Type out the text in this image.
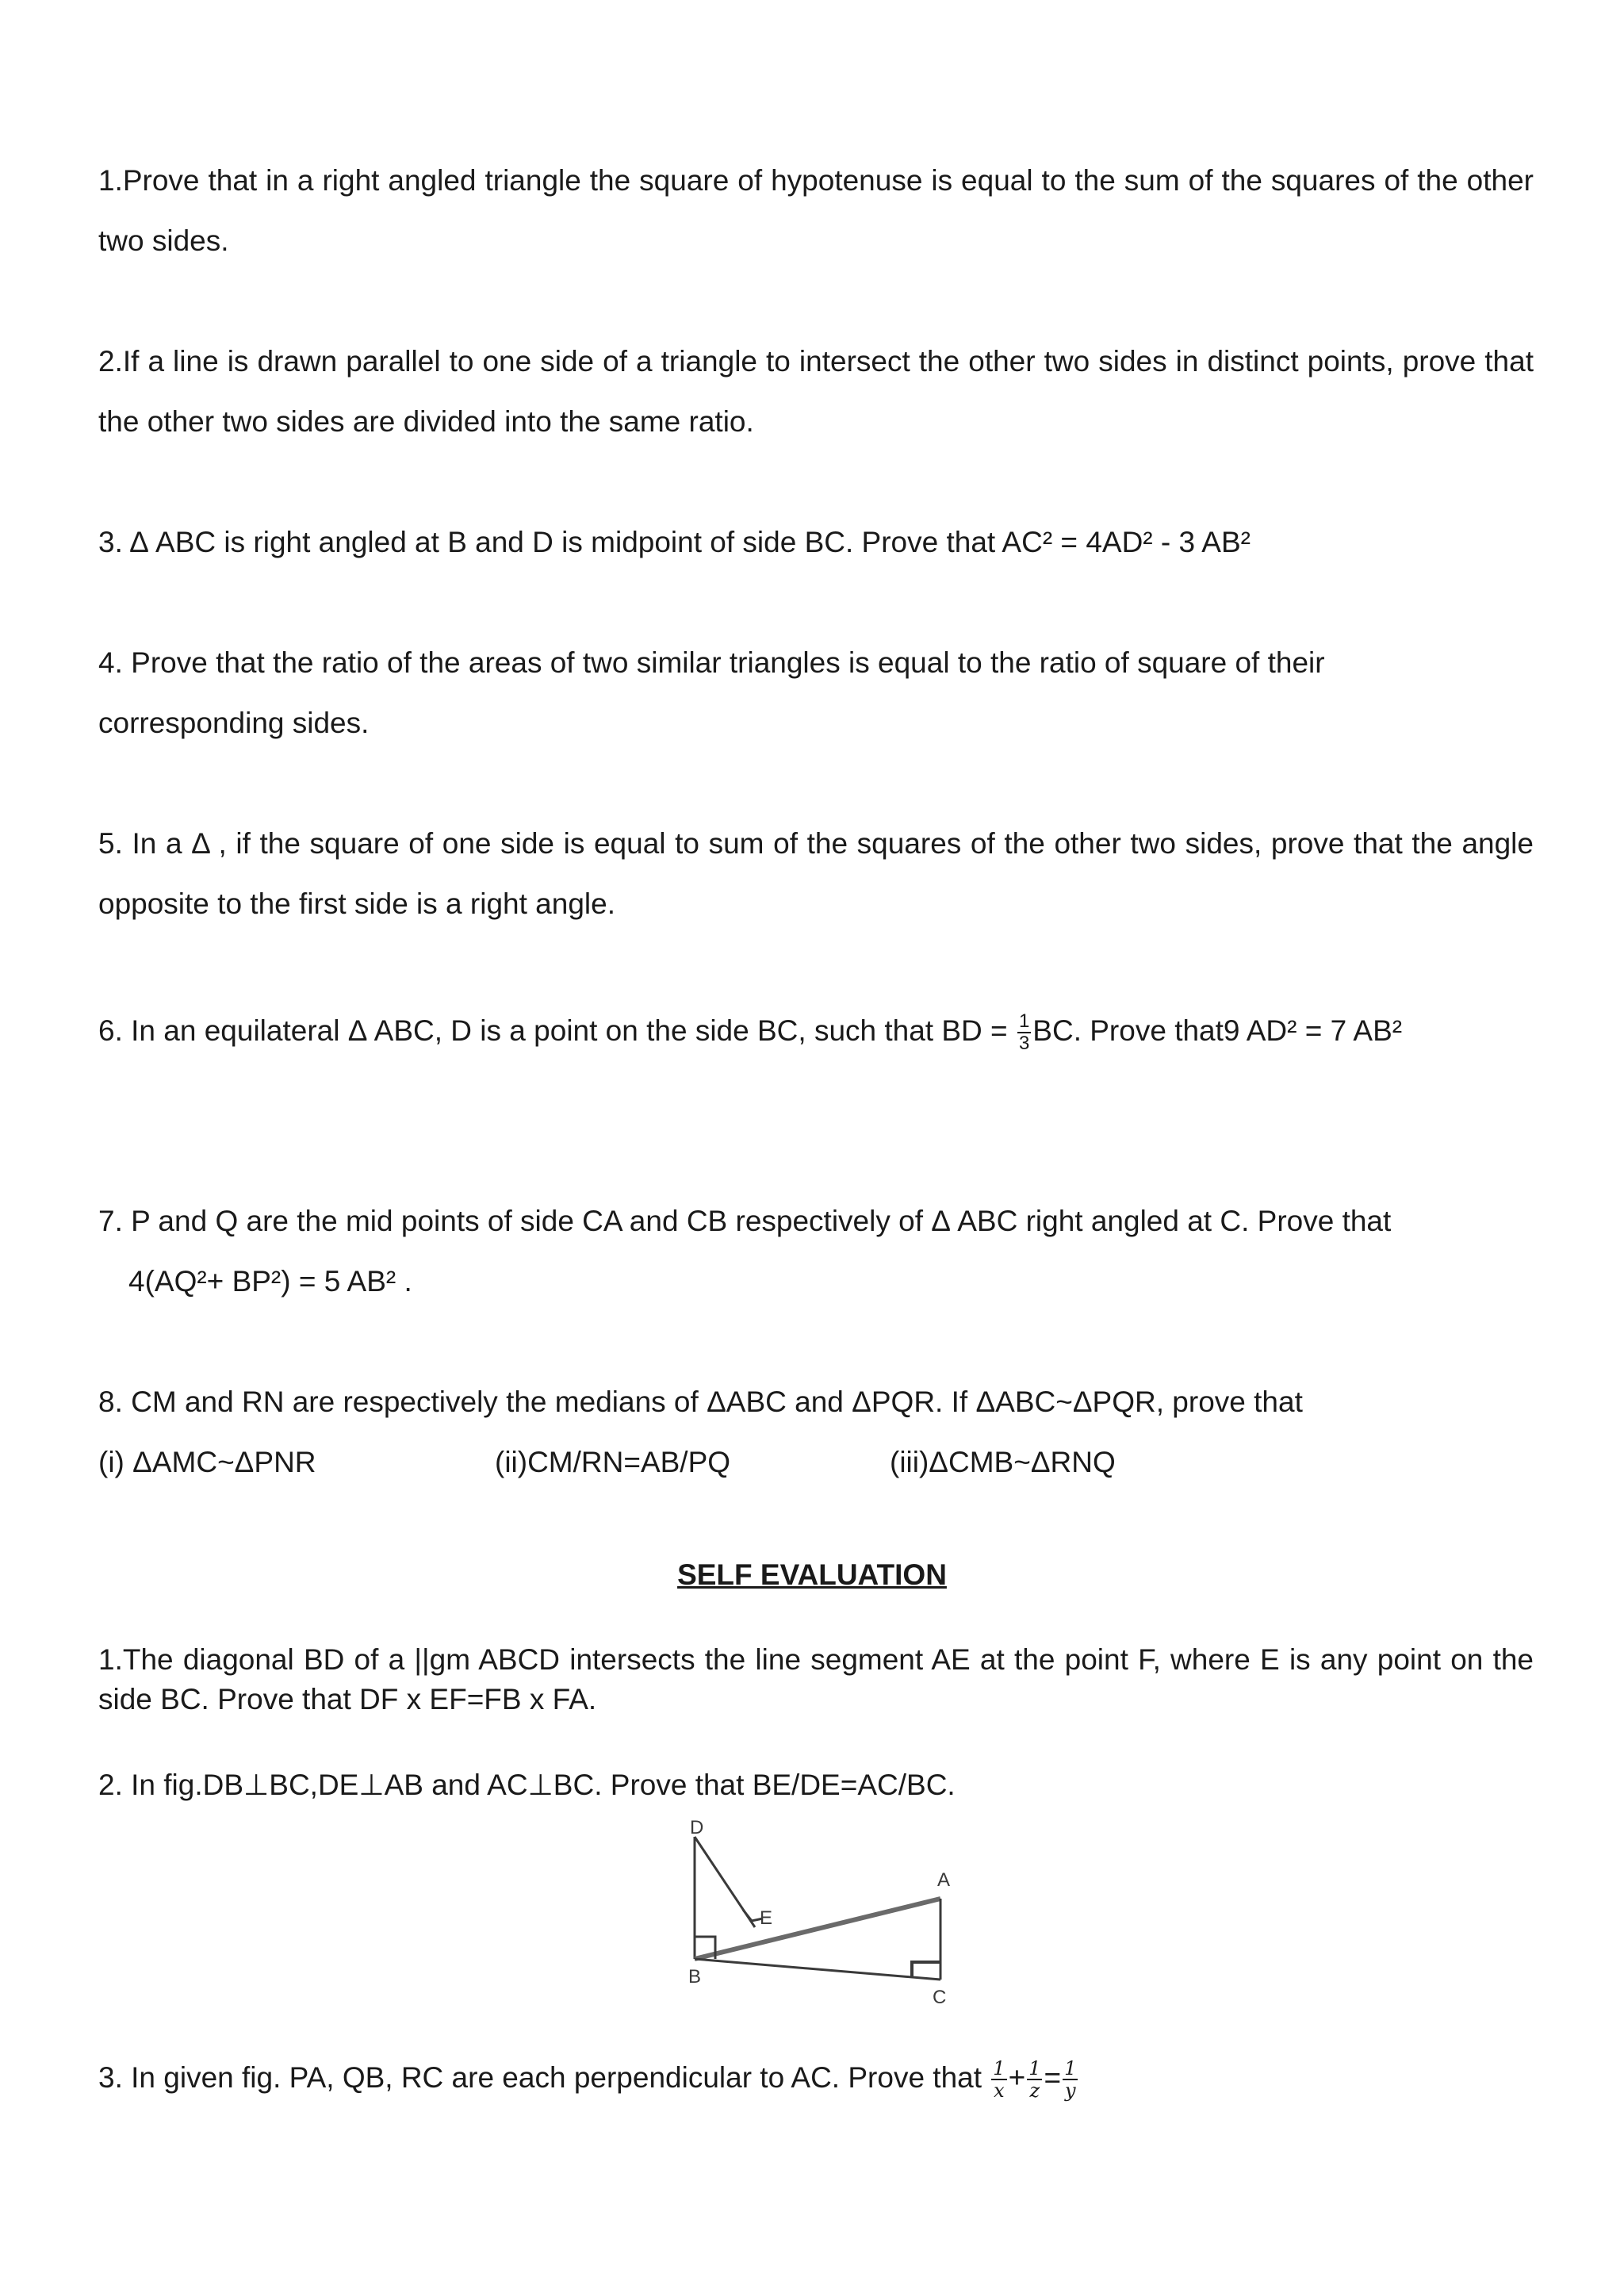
1.Prove that in a right angled triangle the square of hypotenuse is equal to the sum of the squares of the other two sides.

2.If a line is drawn parallel to one side of a triangle to intersect the other two sides in distinct points, prove that the other two sides are divided into the same ratio.

3. Δ ABC is right angled at B and D is midpoint of side BC. Prove that AC² = 4AD² - 3 AB²

4. Prove that the ratio of the areas of two similar triangles is equal to the ratio of square of their
corresponding sides.

5. In a Δ , if the square of one side is equal to sum of the squares of the other two sides, prove that the angle opposite to the first side is a right angle.

6. In an equilateral Δ ABC, D is a point on the side BC, such that BD = $\frac{1}{3}$ BC. Prove that9 AD² = 7 AB²

7. P and Q are the mid points of side CA and CB respectively of Δ ABC right angled at C. Prove that
4(AQ²+ BP²) = 5 AB² .

8. CM and RN are respectively the medians of ΔABC and ΔPQR. If ΔABC~ΔPQR, prove that

(i) ΔAMC~ΔPNR	(ii)CM/RN=AB/PQ	(iii)ΔCMB~ΔRNQ

SELF EVALUATION

1.The diagonal BD of a ||gm ABCD intersects the line segment AE at the point F, where E is any point on the side BC. Prove that DF x EF=FB x FA.

2. In fig.DB⊥BC,DE⊥AB and AC⊥BC. Prove that BE/DE=AC/BC.

D
E
A
B
C

3. In given fig. PA, QB, RC are each perpendicular to AC. Prove that $\frac{1}{x} + \frac{1}{z} = \frac{1}{y}$
